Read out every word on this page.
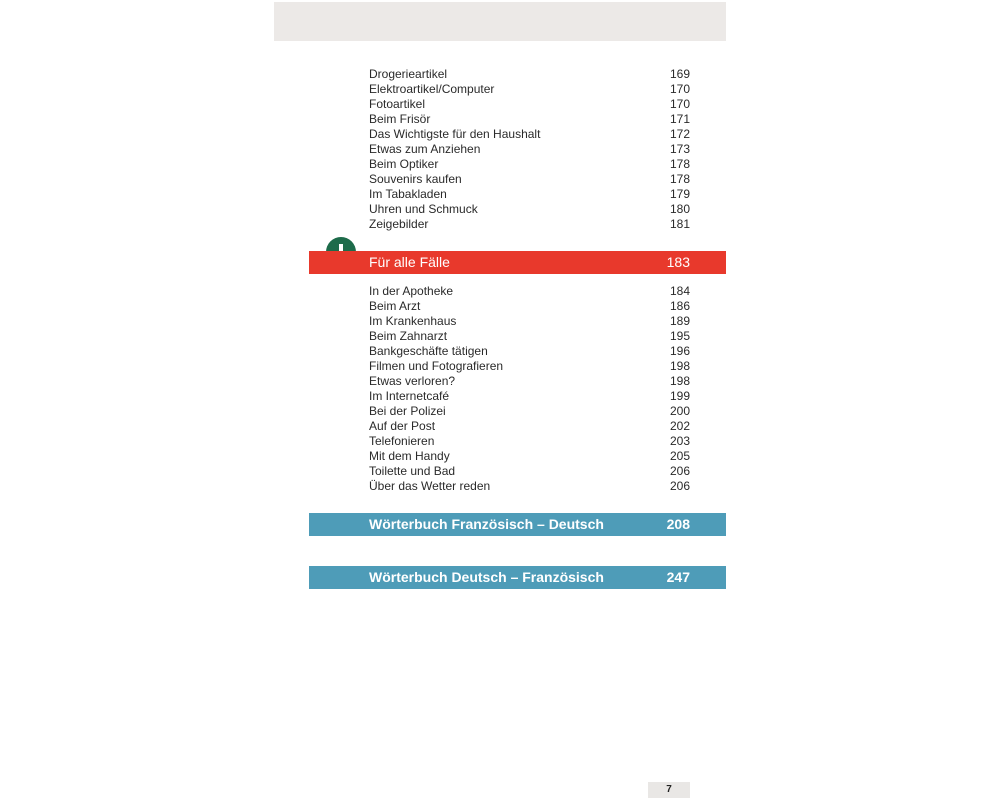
Drogerieartikel	169
Elektroartikel/Computer	170
Fotoartikel	170
Beim Frisör	171
Das Wichtigste für den Haushalt	172
Etwas zum Anziehen	173
Beim Optiker	178
Souvenirs kaufen	178
Im Tabakladen	179
Uhren und Schmuck	180
Zeigebilder	181
Für alle Fälle	183
In der Apotheke	184
Beim Arzt	186
Im Krankenhaus	189
Beim Zahnarzt	195
Bankgeschäfte tätigen	196
Filmen und Fotografieren	198
Etwas verloren?	198
Im Internetcafé	199
Bei der Polizei	200
Auf der Post	202
Telefonieren	203
Mit dem Handy	205
Toilette und Bad	206
Über das Wetter reden	206
Wörterbuch Französisch – Deutsch	208
Wörterbuch Deutsch – Französisch	247
7
